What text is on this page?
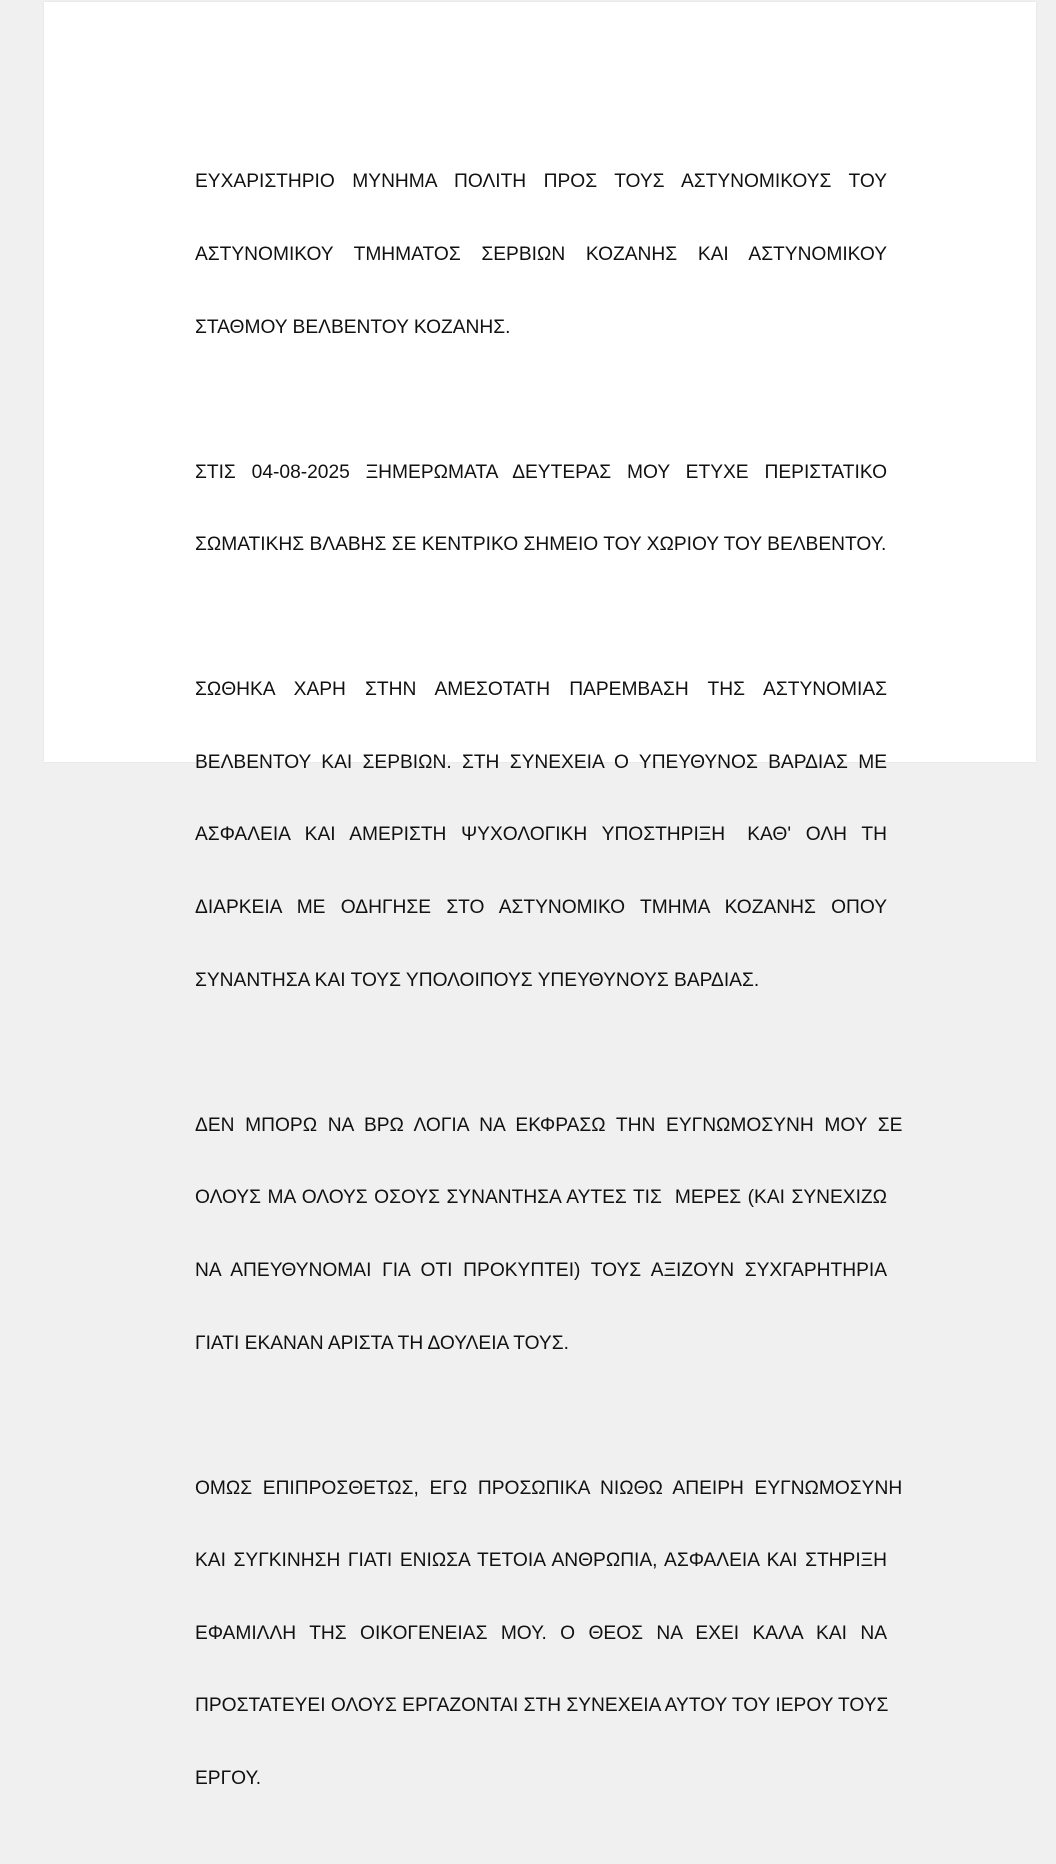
ΕΥΧΑΡΙΣΤΗΡΙΟ  ΜΥΝΗΜΑ  ΠΟΛΙΤΗ  ΠΡΟΣ  ΤΟΥΣ  ΑΣΤΥΝΟΜΙΚΟΥΣ  ΤΟΥ

ΑΣΤΥΝΟΜΙΚΟΥ  ΤΜΗΜΑΤΟΣ  ΣΕΡΒΙΩΝ  ΚΟΖΑΝΗΣ  ΚΑΙ  ΑΣΤΥΝΟΜΙΚΟΥ

ΣΤΑΘΜΟΥ ΒΕΛΒΕΝΤΟΥ ΚΟΖΑΝΗΣ.

ΣΤΙΣ  04-08-2025  ΞΗΜΕΡΩΜΑΤΑ  ΔΕΥΤΕΡΑΣ  ΜΟΥ  ΕΤΥΧΕ  ΠΕΡΙΣΤΑΤΙΚΟ

ΣΩΜΑΤΙΚΗΣ ΒΛΑΒΗΣ ΣΕ ΚΕΝΤΡΙΚΟ ΣΗΜΕΙΟ ΤΟΥ ΧΩΡΙΟΥ ΤΟΥ ΒΕΛΒΕΝΤΟΥ.

ΣΩΘΗΚΑ  ΧΑΡΗ  ΣΤΗΝ  ΑΜΕΣΟΤΑΤΗ  ΠΑΡΕΜΒΑΣΗ  ΤΗΣ  ΑΣΤΥΝΟΜΙΑΣ

ΒΕΛΒΕΝΤΟΥ ΚΑΙ ΣΕΡΒΙΩΝ. ΣΤΗ ΣΥΝΕΧΕΙΑ Ο ΥΠΕΥΘΥΝΟΣ ΒΑΡΔΙΑΣ ΜΕ

ΑΣΦΑΛΕΙΑ  ΚΑΙ  ΑΜΕΡΙΣΤΗ  ΨΥΧΟΛΟΓΙΚΗ  ΥΠΟΣΤΗΡΙΞΗ   ΚΑΘ'  ΟΛΗ  ΤΗ

ΔΙΑΡΚΕΙΑ  ΜΕ  ΟΔΗΓΗΣΕ  ΣΤΟ  ΑΣΤΥΝΟΜΙΚΟ  ΤΜΗΜΑ  ΚΟΖΑΝΗΣ  ΟΠΟΥ

ΣΥΝΑΝΤΗΣΑ ΚΑΙ ΤΟΥΣ ΥΠΟΛΟΙΠΟΥΣ ΥΠΕΥΘΥΝΟΥΣ ΒΑΡΔΙΑΣ.

ΔΕΝ  ΜΠΟΡΩ  ΝΑ  ΒΡΩ  ΛΟΓΙΑ  ΝΑ  ΕΚΦΡΑΣΩ  ΤΗΝ  ΕΥΓΝΩΜΟΣΥΝΗ  ΜΟΥ  ΣΕ

ΟΛΟΥΣ ΜΑ ΟΛΟΥΣ ΟΣΟΥΣ ΣΥΝΑΝΤΗΣΑ ΑΥΤΕΣ ΤΙΣ  ΜΕΡΕΣ (ΚΑΙ ΣΥΝΕΧΙΖΩ

ΝΑ  ΑΠΕΥΘΥΝΟΜΑΙ  ΓΙΑ  ΟΤΙ  ΠΡΟΚΥΠΤΕΙ)  ΤΟΥΣ  ΑΞΙΖΟΥΝ  ΣΥΧΓΑΡΗΤΗΡΙΑ

ΓΙΑΤΙ ΕΚΑΝΑΝ ΑΡΙΣΤΑ ΤΗ ΔΟΥΛΕΙΑ ΤΟΥΣ.

ΟΜΩΣ  ΕΠΙΠΡΟΣΘΕΤΩΣ,  ΕΓΩ  ΠΡΟΣΩΠΙΚΑ  ΝΙΩΘΩ  ΑΠΕΙΡΗ  ΕΥΓΝΩΜΟΣΥΝΗ

ΚΑΙ ΣΥΓΚΙΝΗΣΗ ΓΙΑΤΙ ΕΝΙΩΣΑ ΤΕΤΟΙΑ ΑΝΘΡΩΠΙΑ, ΑΣΦΑΛΕΙΑ ΚΑΙ ΣΤΗΡΙΞΗ

ΕΦΑΜΙΛΛΗ  ΤΗΣ  ΟΙΚΟΓΕΝΕΙΑΣ  ΜΟΥ.  Ο  ΘΕΟΣ  ΝΑ  ΕΧΕΙ  ΚΑΛΑ  ΚΑΙ  ΝΑ

ΠΡΟΣΤΑΤΕΥΕΙ ΟΛΟΥΣ ΕΡΓΑΖΟΝΤΑΙ ΣΤΗ ΣΥΝΕΧΕΙΑ ΑΥΤΟΥ ΤΟΥ ΙΕΡΟΥ ΤΟΥΣ

ΕΡΓΟΥ.
